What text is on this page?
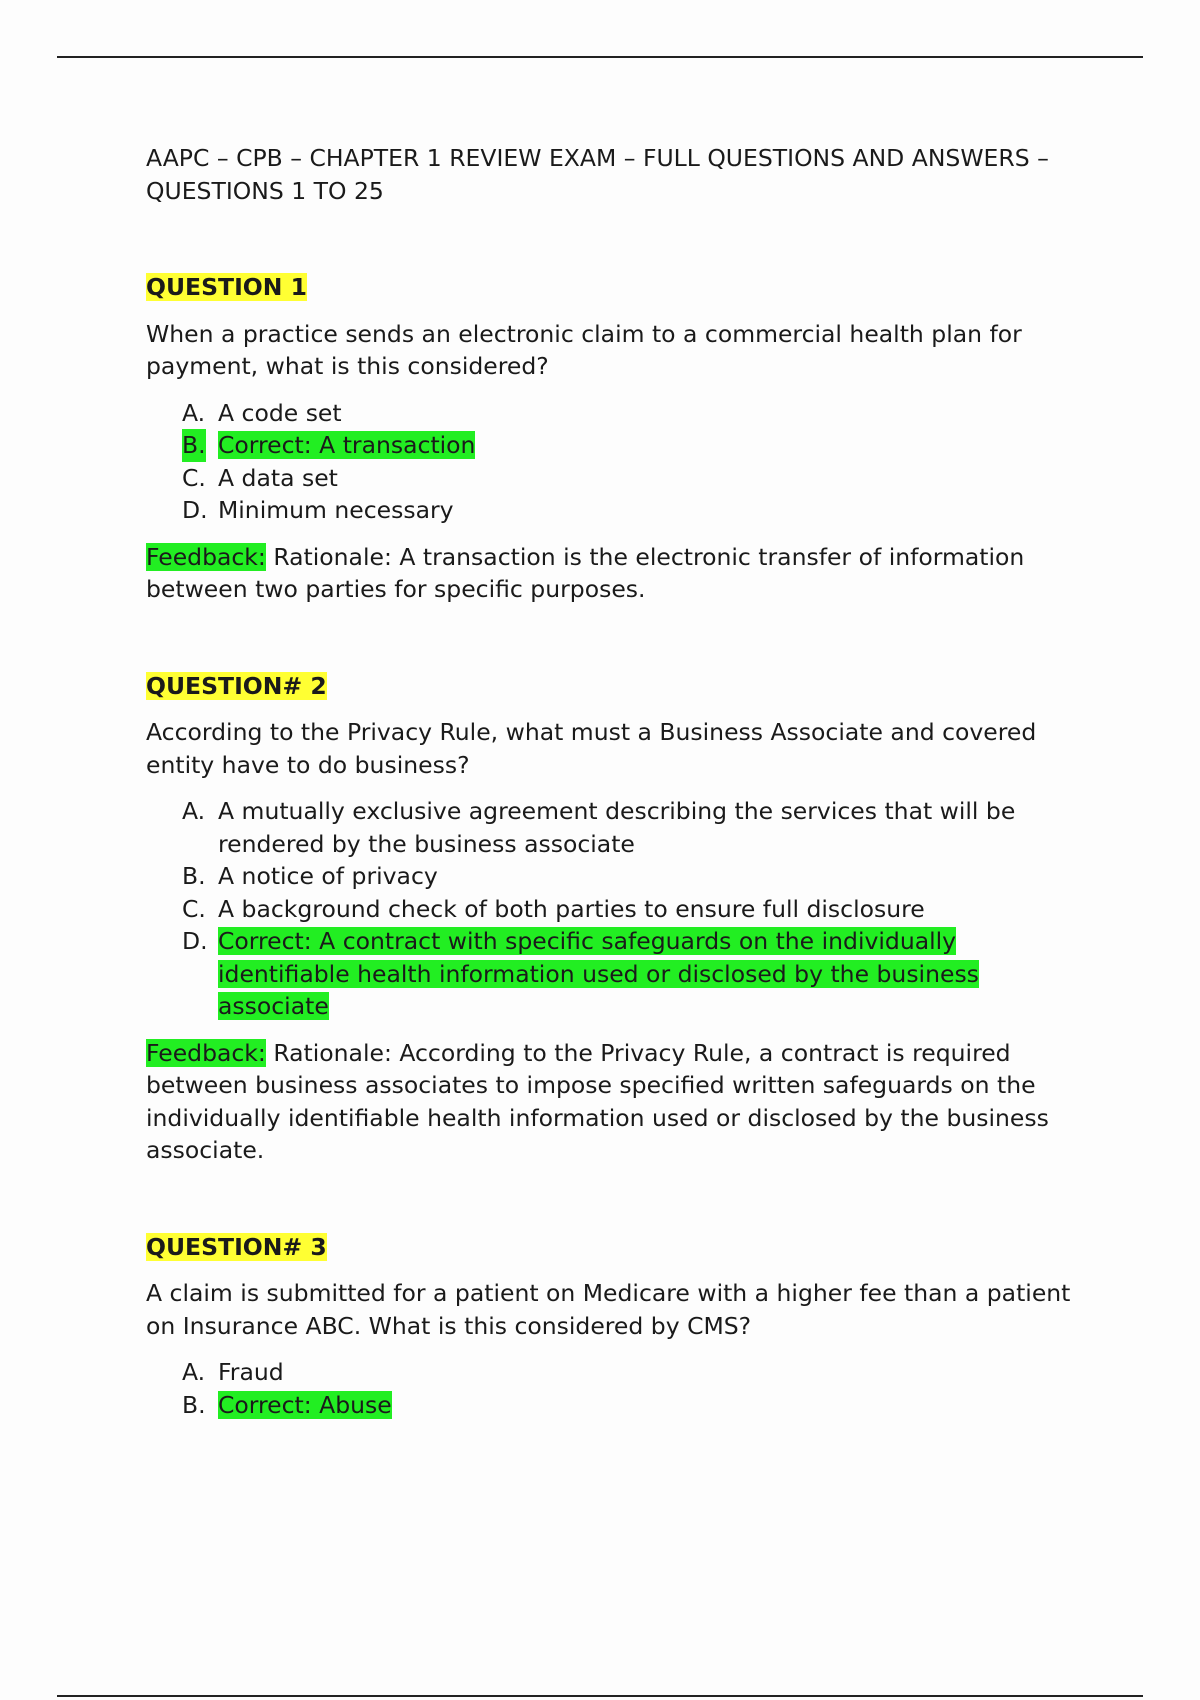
AAPC – CPB – CHAPTER 1 REVIEW EXAM – FULL QUESTIONS AND ANSWERS – QUESTIONS 1 TO 25

QUESTION 1

When a practice sends an electronic claim to a commercial health plan for payment, what is this considered?

A. A code set
B. Correct: A transaction
C. A data set
D. Minimum necessary

Feedback: Rationale: A transaction is the electronic transfer of information between two parties for specific purposes.

QUESTION# 2

According to the Privacy Rule, what must a Business Associate and covered entity have to do business?

A. A mutually exclusive agreement describing the services that will be rendered by the business associate
B. A notice of privacy
C. A background check of both parties to ensure full disclosure
D. Correct: A contract with specific safeguards on the individually identifiable health information used or disclosed by the business associate

Feedback: Rationale: According to the Privacy Rule, a contract is required between business associates to impose specified written safeguards on the individually identifiable health information used or disclosed by the business associate.

QUESTION# 3

A claim is submitted for a patient on Medicare with a higher fee than a patient on Insurance ABC. What is this considered by CMS?

A. Fraud
B. Correct: Abuse
